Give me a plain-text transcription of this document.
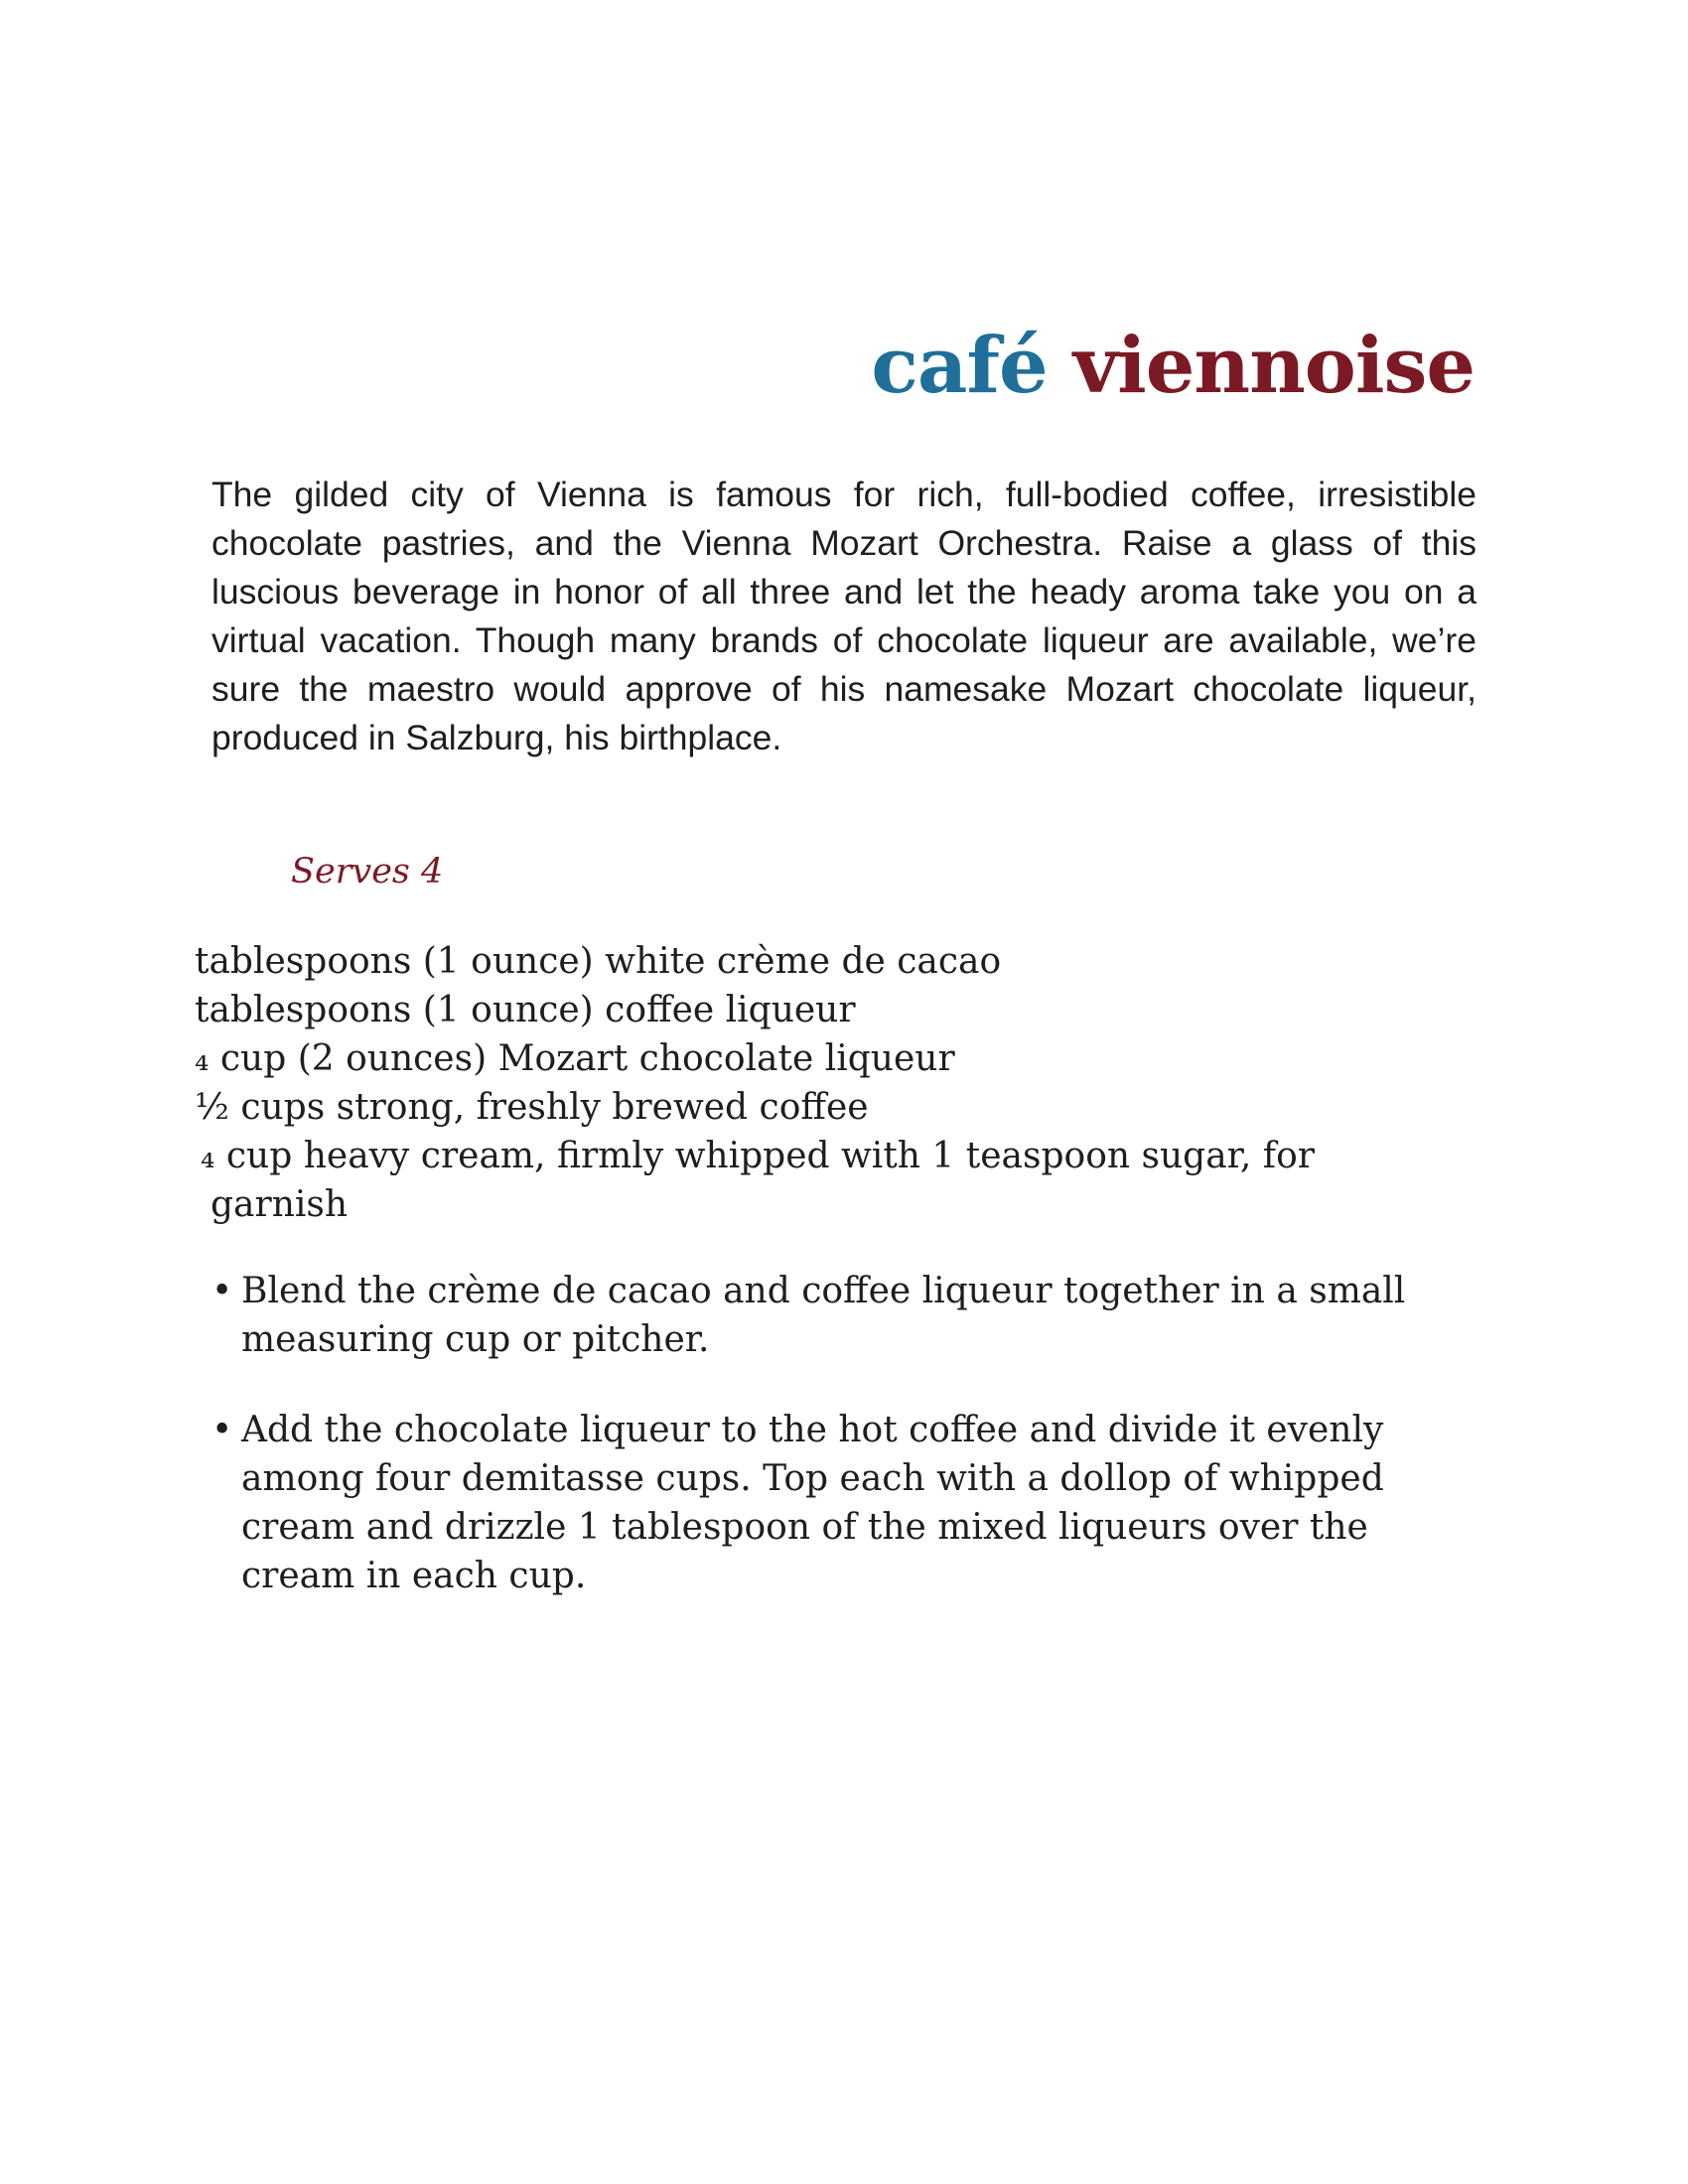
café viennoise

The gilded city of Vienna is famous for rich, full-bodied coffee, irresistible chocolate pastries, and the Vienna Mozart Orchestra. Raise a glass of this luscious beverage in honor of all three and let the heady aroma take you on a virtual vacation. Though many brands of chocolate liqueur are available, we’re sure the maestro would approve of his namesake Mozart chocolate liqueur, produced in Salzburg, his birthplace.

Serves 4

tablespoons (1 ounce) white crème de cacao
tablespoons (1 ounce) coffee liqueur
₄ cup (2 ounces) Mozart chocolate liqueur
½ cups strong, freshly brewed coffee
₄ cup heavy cream, firmly whipped with 1 teaspoon sugar, for garnish
• Blend the crème de cacao and coffee liqueur together in a small measuring cup or pitcher.
• Add the chocolate liqueur to the hot coffee and divide it evenly among four demitasse cups. Top each with a dollop of whipped cream and drizzle 1 tablespoon of the mixed liqueurs over the cream in each cup.
